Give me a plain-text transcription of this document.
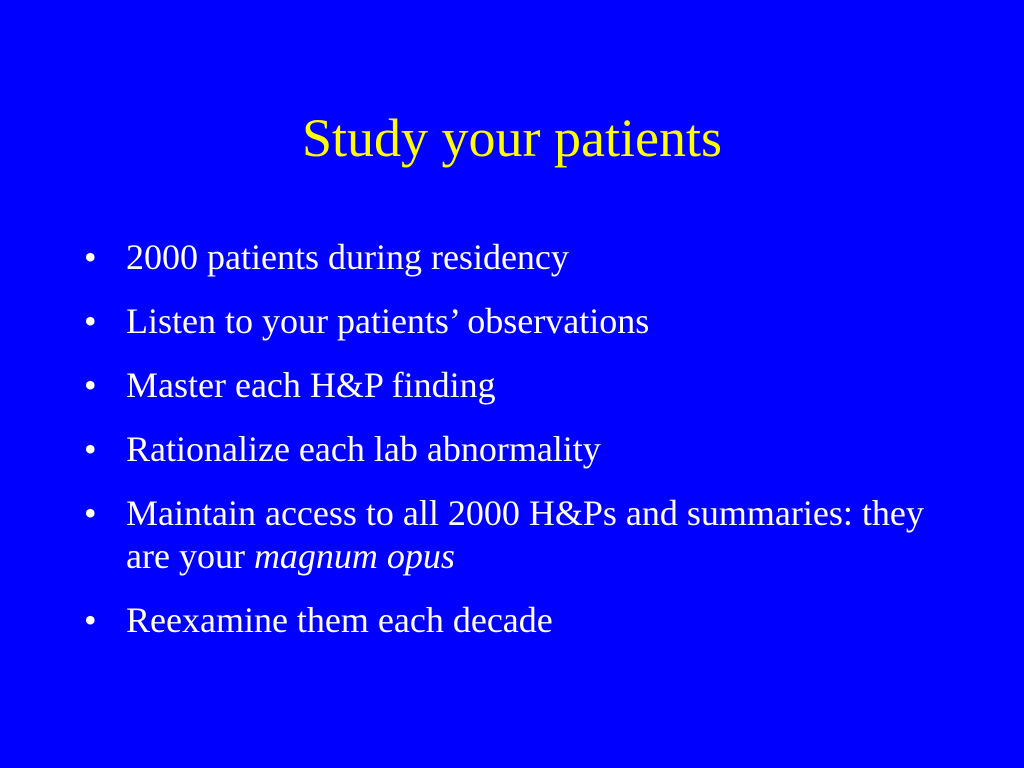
Study your patients
• 2000 patients during residency
• Listen to your patients’ observations
• Master each H&P finding
• Rationalize each lab abnormality
• Maintain access to all 2000 H&Ps and summaries: they are your magnum opus
• Reexamine them each decade
